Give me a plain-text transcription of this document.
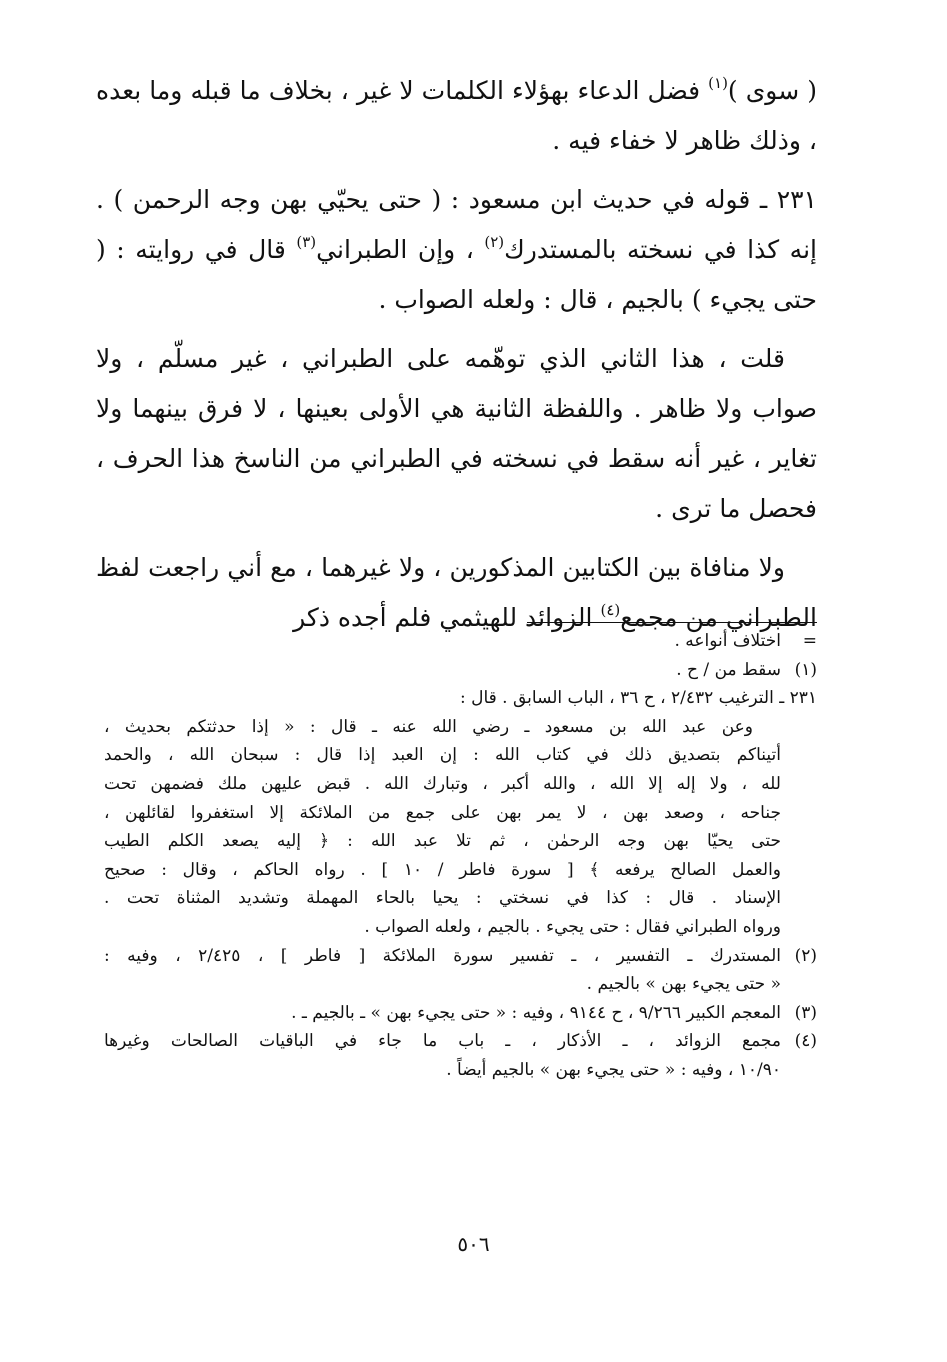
( سوى )$^{(١)}$ فضل الدعاء بهؤلاء الكلمات لا غير ، بخلاف ما قبله وما بعده ، وذلك ظاهر لا خفاء فيه .

٢٣١ ـ قوله في حديث ابن مسعود : ( حتى يحيّي بهن وجه الرحمن ) . إنه كذا في نسخته بالمستدرك$^{(٢)}$ ، وإن الطبراني$^{(٣)}$ قال في روايته : ( حتى يجيء ) بالجيم ، قال : ولعله الصواب .

قلت ، هذا الثاني الذي توهّمه على الطبراني ، غير مسلّم ، ولا صواب ولا ظاهر . واللفظة الثانية هي الأولى بعينها ، لا فرق بينهما ولا تغاير ، غير أنه سقط في نسخته في الطبراني من الناسخ هذا الحرف ، فحصل ما ترى .

ولا منافاة بين الكتابين المذكورين ، ولا غيرهما ، مع أني راجعت لفظ الطبراني من مجمع$^{(٤)}$ الزوائد للهيثمي فلم أجده ذكر

=
اختلاف أنواعه .
(١)
سقط من / ح .
٢٣١ ـ الترغيب ٢/٤٣٢ ، ح ٣٦ ، الباب السابق . قال :
وعن عبد الله بن مسعود ـ رضي الله عنه ـ قال : « إذا حدثتكم بحديث ،
أتيناكم بتصديق ذلك في كتاب الله : إن العبد إذا قال : سبحان الله ، والحمد
لله ، ولا إله إلا الله ، والله أكبر ، وتبارك الله . قبض عليهن ملك فضمهن تحت
جناحه ، وصعد بهن ، لا يمر بهن على جمع من الملائكة إلا استغفروا لقائلهن ،
حتى يحيّا بهن وجه الرحمٰن ، ثم تلا عبد الله : ﴿ إليه يصعد الكلم الطيب
والعمل الصالح يرفعه ﴾ [ سورة فاطر / ١٠ ] . رواه الحاكم ، وقال : صحيح
الإسناد . قال : كذا في نسختي : يحيا بالحاء المهملة وتشديد المثناة تحت .
ورواه الطبراني فقال : حتى يجيء . بالجيم ، ولعله الصواب .
(٢)
المستدرك ـ التفسير ، ـ تفسير سورة الملائكة [ فاطر ] ، ٢/٤٢٥ ، وفيه :
« حتى يجيء بهن » بالجيم .
(٣)
المعجم الكبير ٩/٢٦٦ ، ح ٩١٤٤ ، وفيه : « حتى يجيء بهن » ـ بالجيم ـ .
(٤)
مجمع الزوائد ، ـ الأذكار ، ـ باب ما جاء في الباقيات الصالحات وغيرها
١٠/٩٠ ، وفيه : « حتى يجيء بهن » بالجيم أيضاً .
٥٠٦
